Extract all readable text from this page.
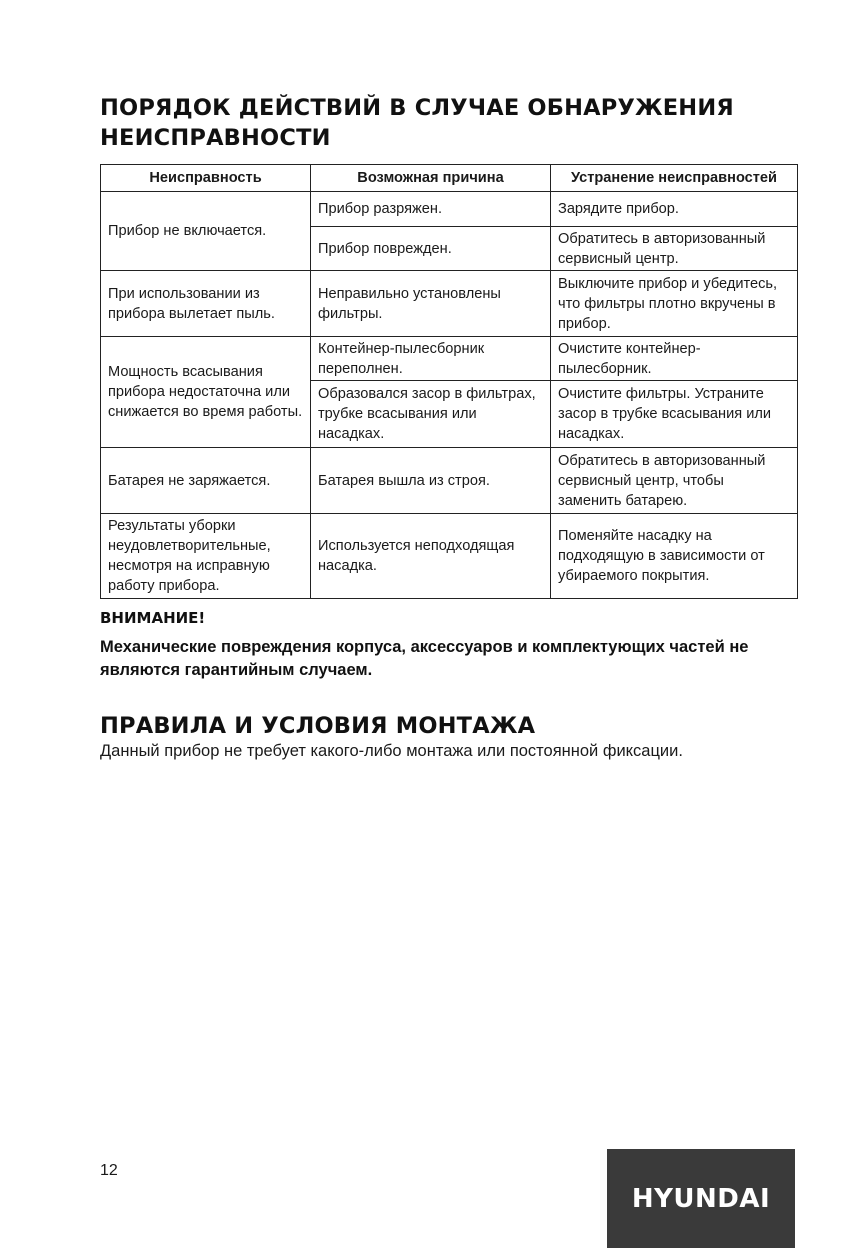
ПОРЯДОК ДЕЙСТВИЙ В СЛУЧАЕ ОБНАРУЖЕНИЯ НЕИСПРАВНОСТИ
Неисправность	Возможная причина	Устранение неисправностей
Прибор не включается.	Прибор разряжен.	Зарядите прибор.
	Прибор поврежден.	Обратитесь в авторизованный сервисный центр.
При использовании из прибора вылетает пыль.	Неправильно установлены фильтры.	Выключите прибор и убедитесь, что фильтры плотно вкручены в прибор.
Мощность всасывания прибора недостаточна или снижается во время работы.	Контейнер-пылесборник переполнен.	Очистите контейнер-пылесборник.
	Образовался засор в фильтрах, трубке всасывания или насадках.	Очистите фильтры. Устраните засор в трубке всасывания или насадках.
Батарея не заряжается.	Батарея вышла из строя.	Обратитесь в авторизованный сервисный центр, чтобы заменить батарею.
Результаты уборки неудовлетворительные, несмотря на исправную работу прибора.	Используется неподходящая насадка.	Поменяйте насадку на подходящую в зависимости от убираемого покрытия.
ВНИМАНИЕ!

Механические повреждения корпуса, аксессуаров и комплектующих частей не являются гарантийным случаем.

ПРАВИЛА И УСЛОВИЯ МОНТАЖА

Данный прибор не требует какого-либо монтажа или постоянной фиксации.

12
HYUNDAI
